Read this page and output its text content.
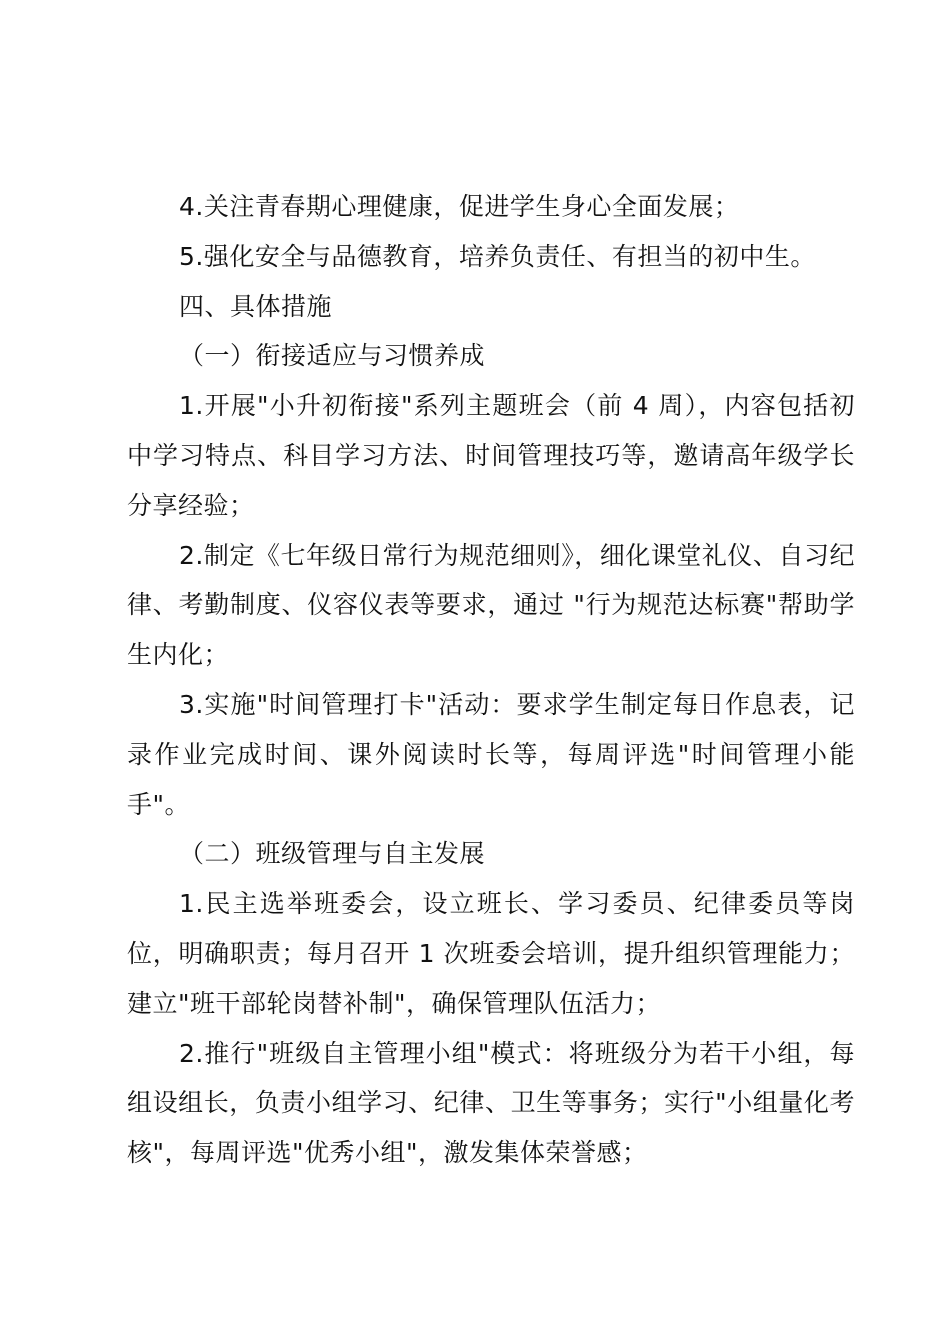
4.关注青春期心理健康，促进学生身心全面发展；

5.强化安全与品德教育，培养负责任、有担当的初中生。

四、具体措施

（一）衔接适应与习惯养成

1.开展"小升初衔接"系列主题班会（前 4 周），内容包括初中学习特点、科目学习方法、时间管理技巧等，邀请高年级学长分享经验；

2.制定《七年级日常行为规范细则》，细化课堂礼仪、自习纪律、考勤制度、仪容仪表等要求，通过 "行为规范达标赛"帮助学生内化；

3.实施"时间管理打卡"活动：要求学生制定每日作息表，记录作业完成时间、课外阅读时长等，每周评选"时间管理小能手"。

（二）班级管理与自主发展

1.民主选举班委会，设立班长、学习委员、纪律委员等岗位，明确职责；每月召开 1 次班委会培训，提升组织管理能力；建立"班干部轮岗替补制"，确保管理队伍活力；

2.推行"班级自主管理小组"模式：将班级分为若干小组，每组设组长，负责小组学习、纪律、卫生等事务；实行"小组量化考核"，每周评选"优秀小组"，激发集体荣誉感；
